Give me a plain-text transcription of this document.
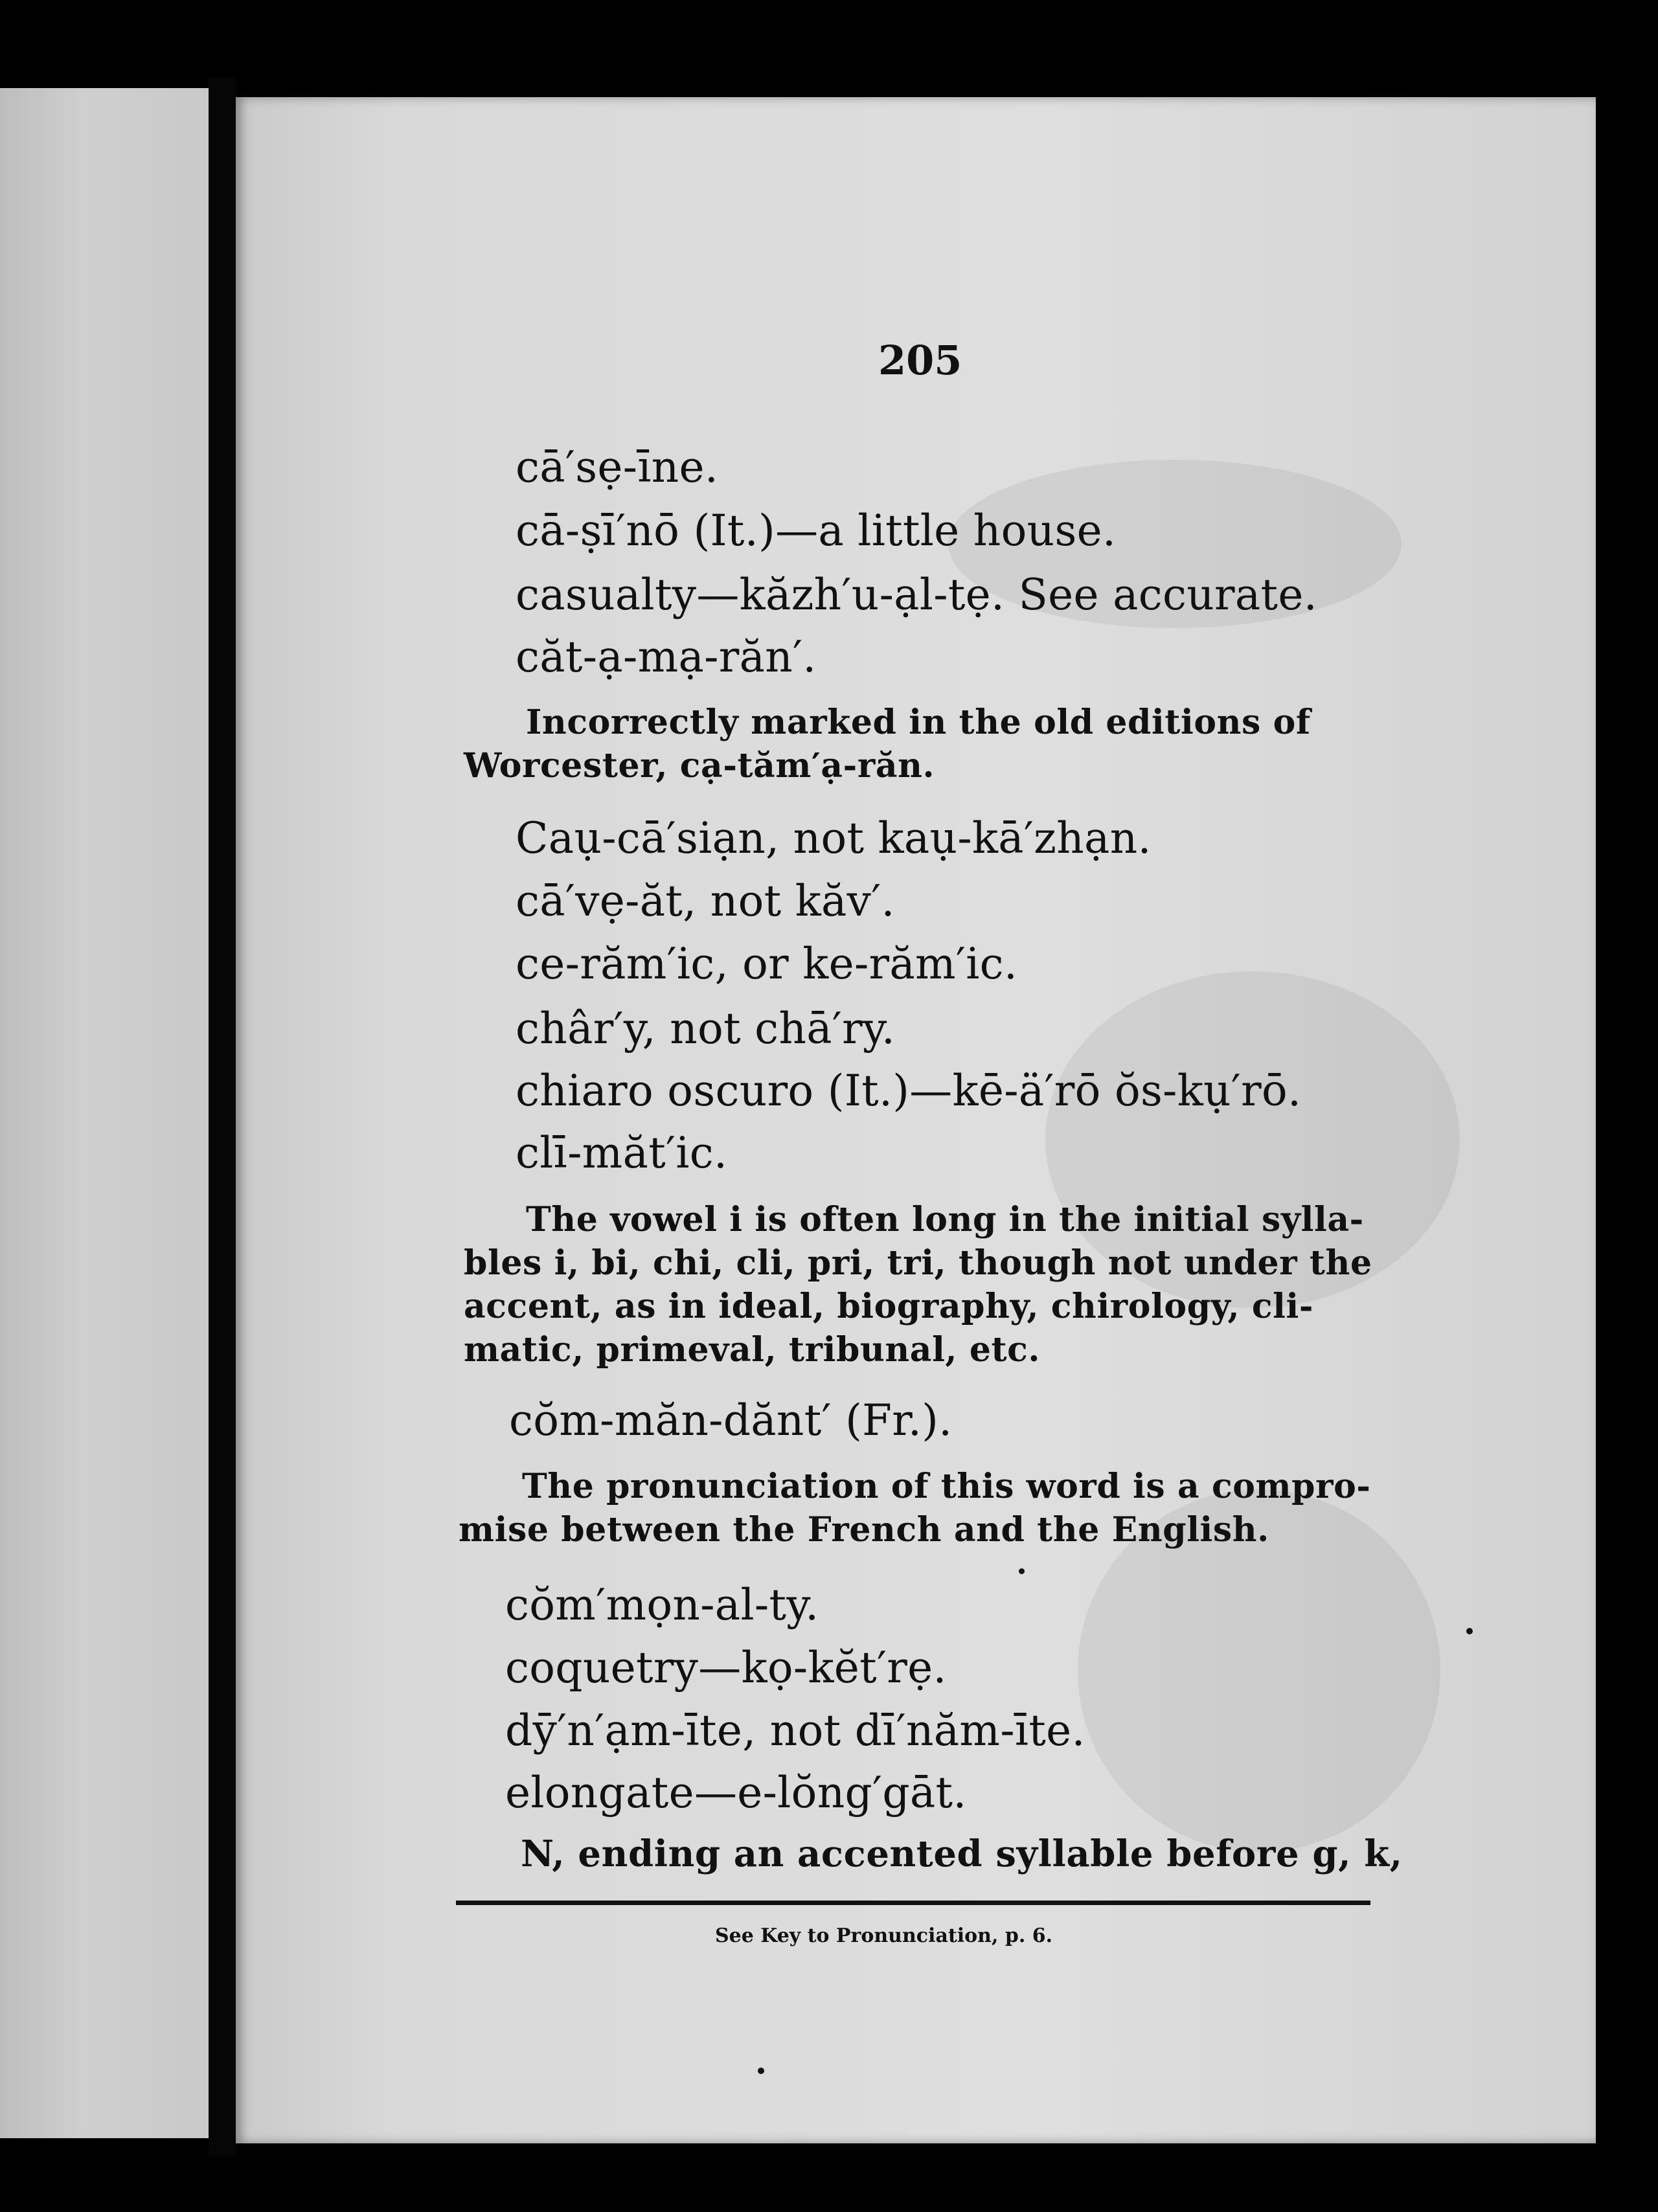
205
cā′sẹ-īne.
cā-ṣī′nō (It.)—a little house.
casualty—kăzh′u-ạl-tẹ. See accurate.
căt-ạ-mạ-răn′.
Incorrectly marked in the old editions of
Worcester, cạ-tăm′ạ-răn.
Caụ-cā′siạn, not kaụ-kā′zhạn.
cā′vẹ-ăt, not kăv′.
ce-răm′ic, or ke-răm′ic.
châr′y, not chā′ry.
chiaro oscuro (It.)—kē-ä′rō ŏs-kụ′rō.
clī-măt′ic.
The vowel i is often long in the initial sylla-
bles i, bi, chi, cli, pri, tri, though not under the
accent, as in ideal, biography, chirology, cli-
matic, primeval, tribunal, etc.
cŏm-măn-dănt′ (Fr.).
The pronunciation of this word is a compro-
mise between the French and the English.
cŏm′mọn-al-ty.
coquetry—kọ-kĕt′rẹ.
dȳ′n′ạm-īte, not dī′năm-īte.
elongate—e-lŏng′gāt.
N, ending an accented syllable before g, k,
See Key to Pronunciation, p. 6.
